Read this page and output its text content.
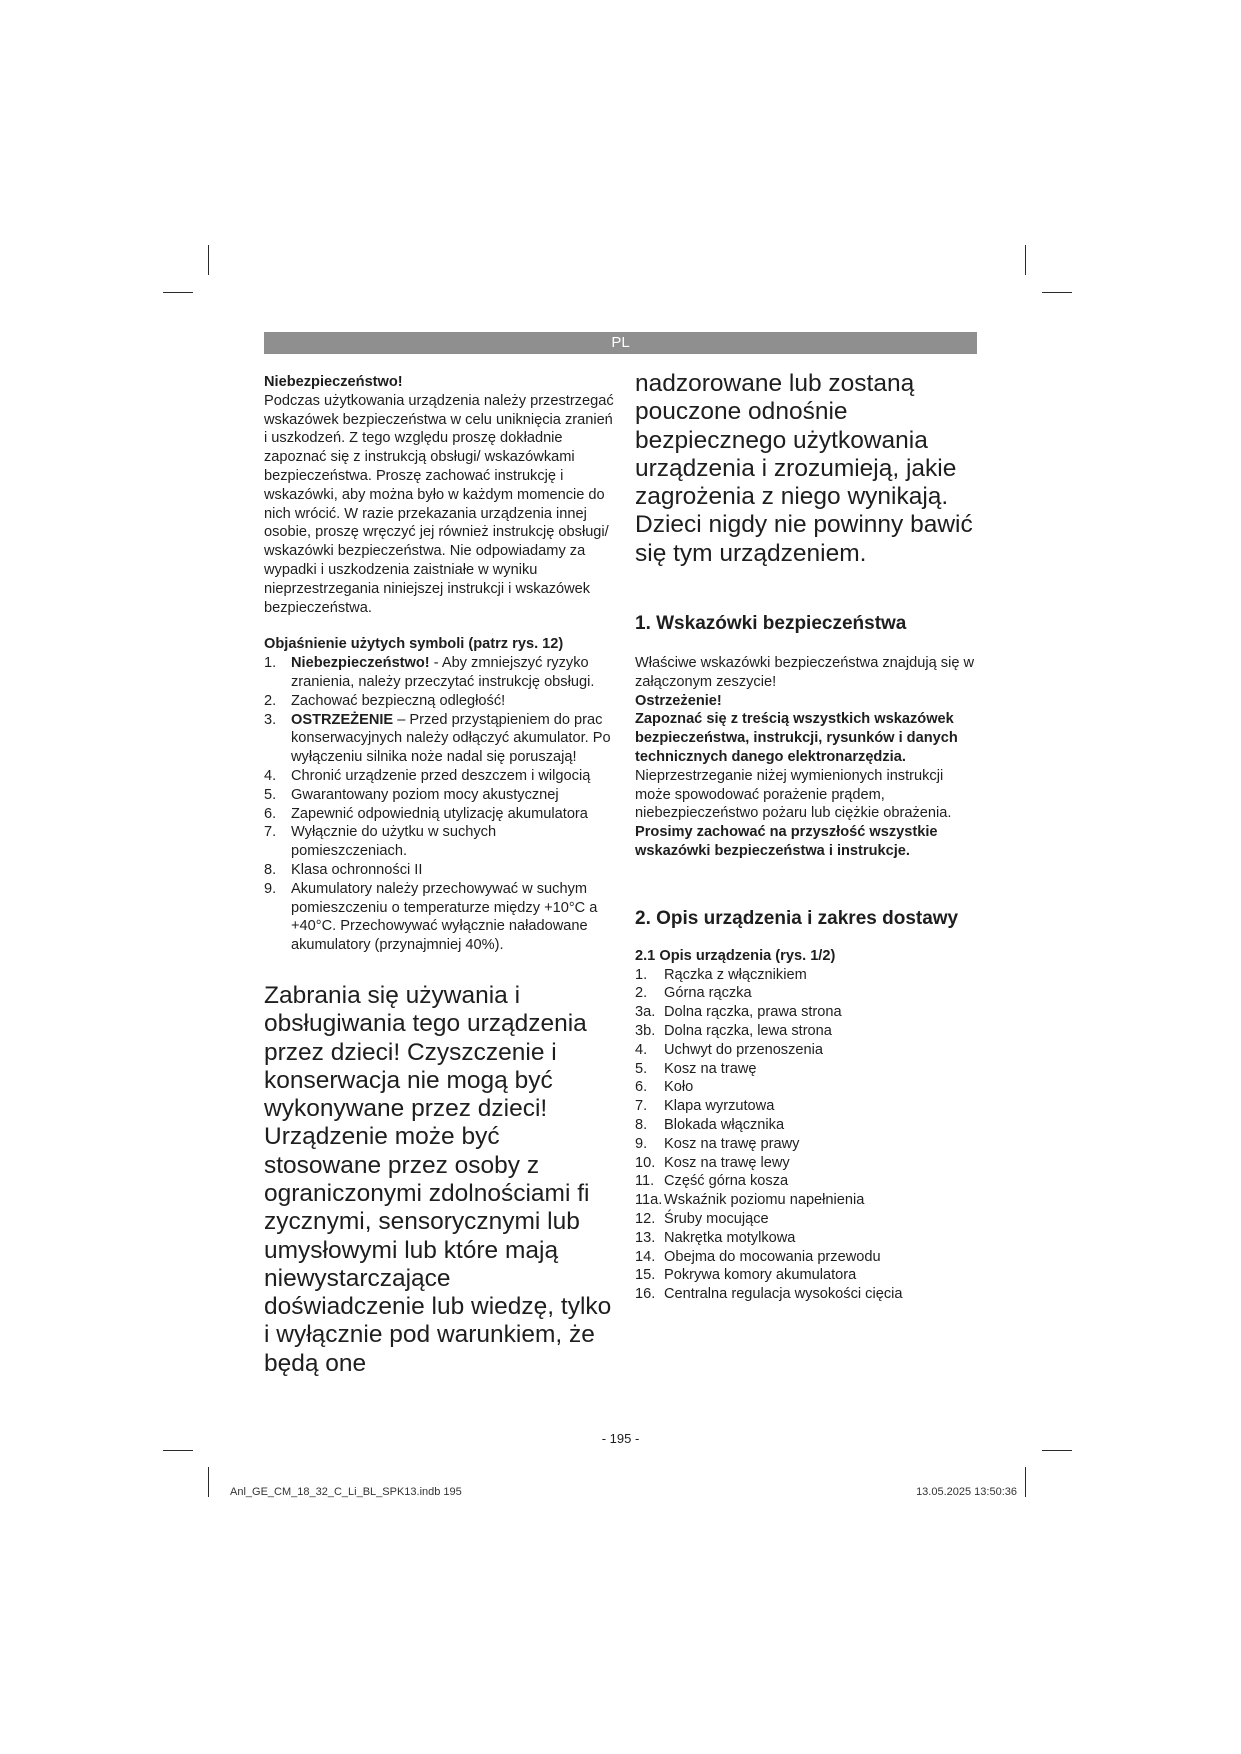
PL

Niebezpieczeństwo!

Podczas użytkowania urządzenia należy przestrzegać wskazówek bezpieczeństwa w celu uniknięcia zranień i uszkodzeń. Z tego względu proszę dokładnie zapoznać się z instrukcją obsługi/ wskazówkami bezpieczeństwa. Proszę zachować instrukcję i wskazówki, aby można było w każdym momencie do nich wrócić. W razie przekazania urządzenia innej osobie, proszę wręczyć jej również instrukcję obsługi/ wskazówki bezpieczeństwa. Nie odpowiadamy za wypadki i uszkodzenia zaistniałe w wyniku nieprzestrzegania niniejszej instrukcji i wskazówek bezpieczeństwa.

Objaśnienie użytych symboli (patrz rys. 12)

1. Niebezpieczeństwo! - Aby zmniejszyć ryzyko zranienia, należy przeczytać instrukcję obsługi.
2. Zachować bezpieczną odległość!
3. OSTRZEŻENIE – Przed przystąpieniem do prac konserwacyjnych należy odłączyć akumulator. Po wyłączeniu silnika noże nadal się poruszają!
4. Chronić urządzenie przed deszczem i wilgocią
5. Gwarantowany poziom mocy akustycznej
6. Zapewnić odpowiednią utylizację akumulatora
7. Wyłącznie do użytku w suchych pomieszczeniach.
8. Klasa ochronności II
9. Akumulatory należy przechowywać w suchym pomieszczeniu o temperaturze między +10°C a +40°C. Przechowywać wyłącznie naładowane akumulatory (przynajmniej 40%).

Zabrania się używania i obsługiwania tego urządzenia przez dzieci! Czyszczenie i konserwacja nie mogą być wykonywane przez dzieci! Urządzenie może być stosowane przez osoby z ograniczonymi zdolnościami fi zycznymi, sensorycznymi lub umysłowymi lub które mają niewystarczające doświadczenie lub wiedzę, tylko i wyłącznie pod warunkiem, że będą one

nadzorowane lub zostaną pouczone odnośnie bezpiecznego użytkowania urządzenia i zrozumieją, jakie zagrożenia z niego wynikają. Dzieci nigdy nie powinny bawić się tym urządzeniem.

1. Wskazówki bezpieczeństwa

Właściwe wskazówki bezpieczeństwa znajdują się w załączonym zeszycie!

Ostrzeżenie!

Zapoznać się z treścią wszystkich wskazówek bezpieczeństwa, instrukcji, rysunków i danych technicznych danego elektronarzędzia. Nieprzestrzeganie niżej wymienionych instrukcji może spowodować porażenie prądem, niebezpieczeństwo pożaru lub ciężkie obrażenia.

Prosimy zachować na przyszłość wszystkie wskazówki bezpieczeństwa i instrukcje.

2. Opis urządzenia i zakres dostawy

2.1 Opis urządzenia (rys. 1/2)

1. Rączka z włącznikiem
2. Górna rączka
3a. Dolna rączka, prawa strona
3b. Dolna rączka, lewa strona
4. Uchwyt do przenoszenia
5. Kosz na trawę
6. Koło
7. Klapa wyrzutowa
8. Blokada włącznika
9. Kosz na trawę prawy
10. Kosz na trawę lewy
11. Część górna kosza
11a. Wskaźnik poziomu napełnienia
12. Śruby mocujące
13. Nakrętka motylkowa
14. Obejma do mocowania przewodu
15. Pokrywa komory akumulatora
16. Centralna regulacja wysokości cięcia
- 195 -
Anl_GE_CM_18_32_C_Li_BL_SPK13.indb 195	13.05.2025 13:50:36
